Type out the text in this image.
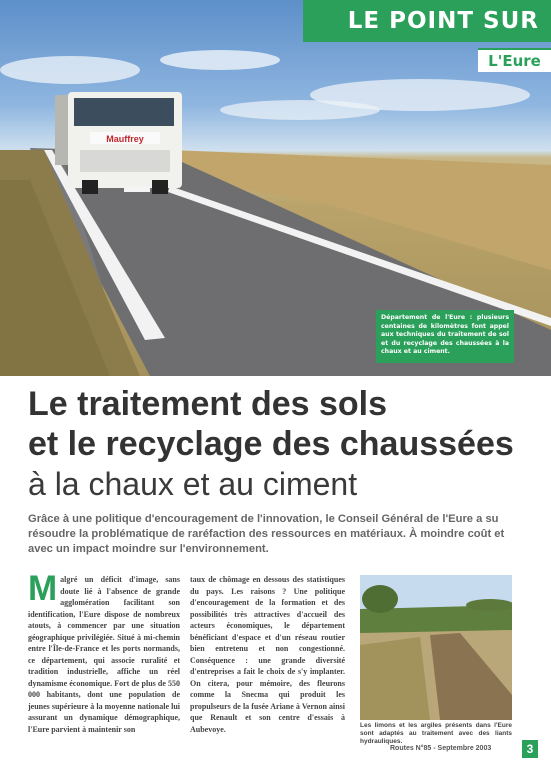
Mauffrey
LE POINT SUR
L'Eure
Département de l'Eure : plusieurs centaines de kilomètres font appel aux techniques du traitement de sol et du recyclage des chaussées à la chaux et au ciment.
Le traitement des sols
et le recyclage des chaussées
à la chaux et au ciment
Grâce à une politique d'encouragement de l'innovation, le Conseil Général de l'Eure a su résoudre la problématique de raréfaction des ressources en matériaux. À moindre coût et avec un impact moindre sur l'environnement.
Malgré un déficit d'image, sans doute lié à l'absence de grande agglomération facilitant son identification, l'Eure dispose de nombreux atouts, à commencer par une situation géographique privilégiée. Situé à mi-chemin entre l'Île-de-France et les ports normands, ce département, qui associe ruralité et tradition industrielle, affiche un réel dynamisme économique. Fort de plus de 550 000 habitants, dont une population de jeunes supérieure à la moyenne nationale lui assurant un dynamique démographique, l'Eure parvient à maintenir son
taux de chômage en dessous des statistiques du pays. Les raisons ? Une politique d'encouragement de la formation et des possibilités très attractives d'accueil des acteurs économiques, le département bénéficiant d'espace et d'un réseau routier bien entretenu et non congestionné. Conséquence : une grande diversité d'entreprises a fait le choix de s'y implanter. On citera, pour mémoire, des fleurons comme la Snecma qui produit les propulseurs de la fusée Ariane à Vernon ainsi que Renault et son centre d'essais à Aubevoye.	Les limons et les argiles présents dans l'Eure sont adaptés au traitement avec des liants hydrauliques.
Routes N°85 - Septembre 2003	3
